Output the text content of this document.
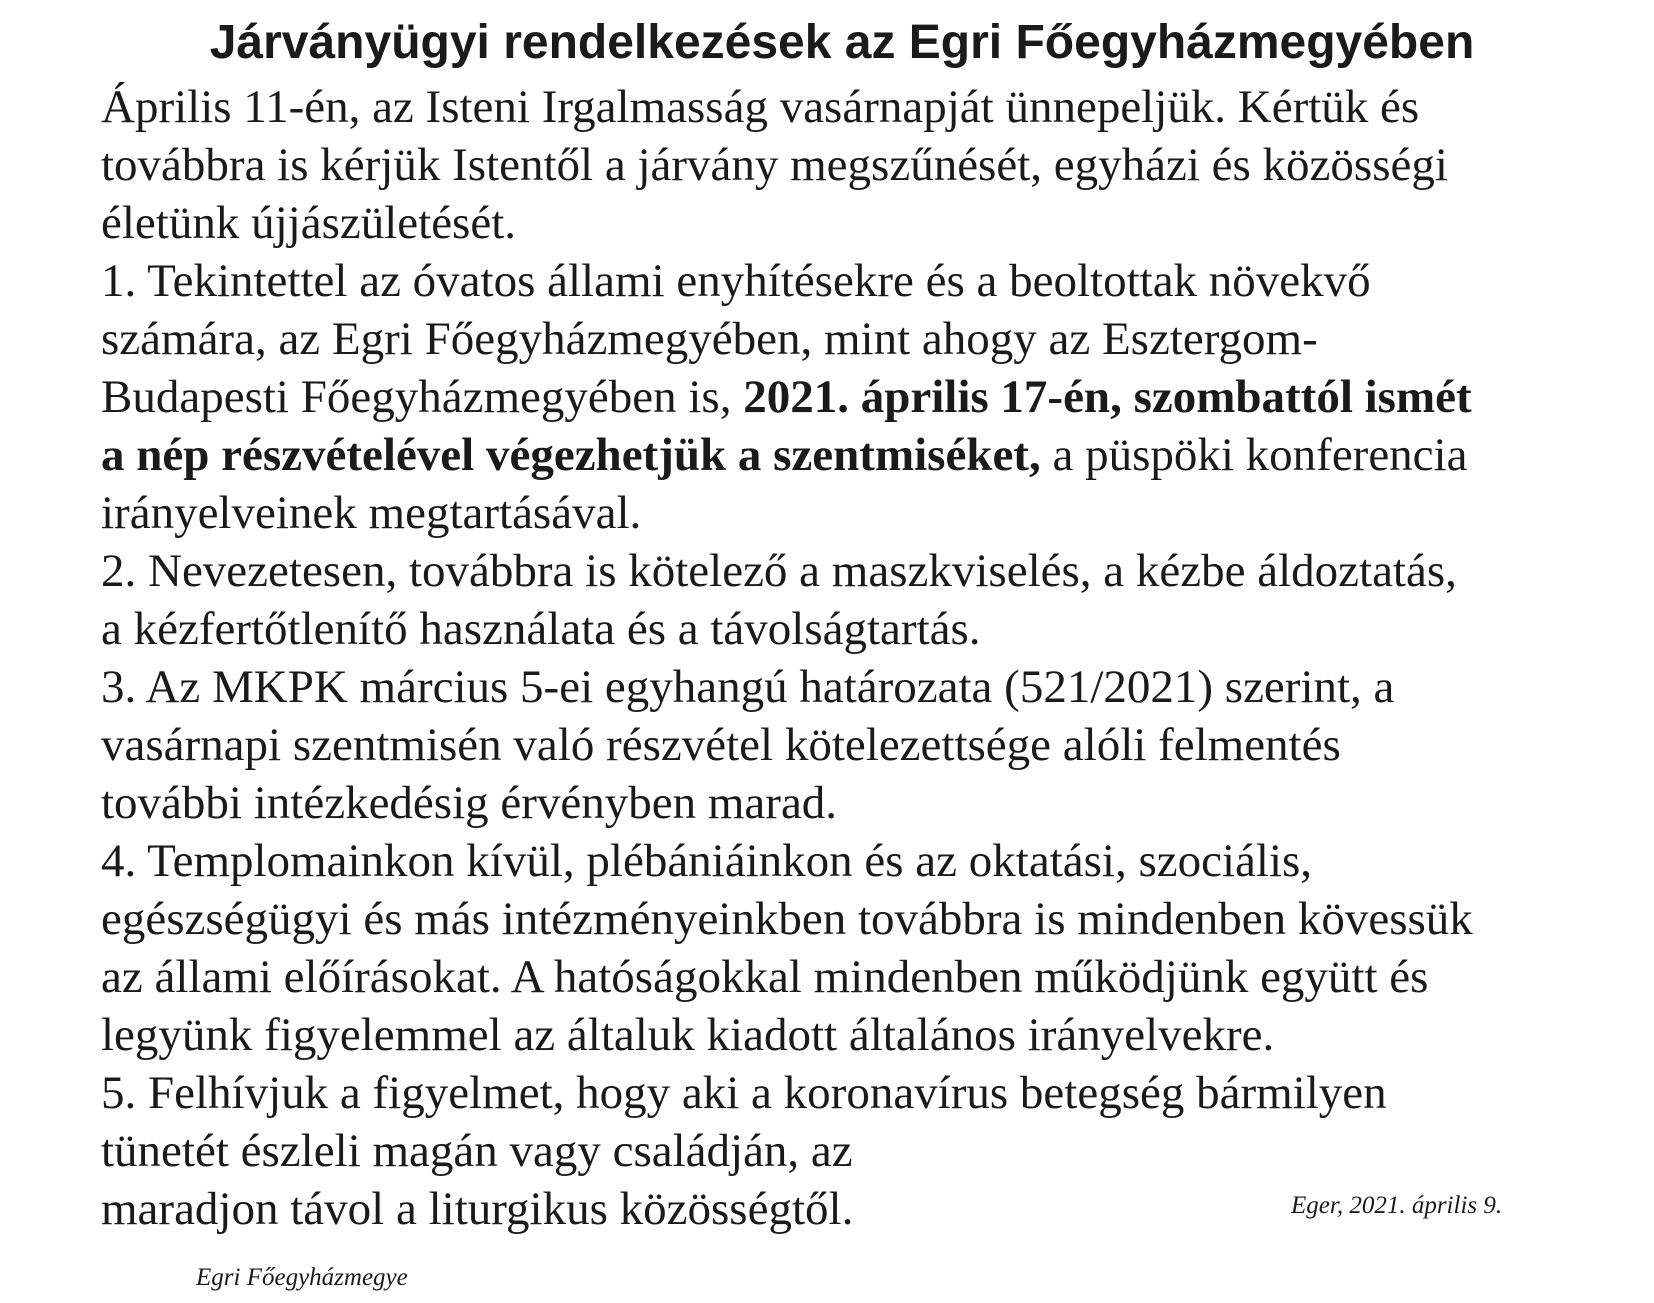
Járványügyi rendelkezések az Egri Főegyházmegyében
Április 11-én, az Isteni Irgalmasság vasárnapját ünnepeljük. Kértük és
továbbra is kérjük Istentől a járvány megszűnését, egyházi és közösségi
életünk újjászületését.
1. Tekintettel az óvatos állami enyhítésekre és a beoltottak növekvő
számára, az Egri Főegyházmegyében, mint ahogy az Esztergom-
Budapesti Főegyházmegyében is, 2021. április 17-én, szombattól ismét
a nép részvételével végezhetjük a szentmiséket, a püspöki konferencia
irányelveinek megtartásával.
2. Nevezetesen, továbbra is kötelező a maszkviselés, a kézbe áldoztatás,
a kézfertőtlenítő használata és a távolságtartás.
3. Az MKPK március 5-ei egyhangú határozata (521/2021) szerint, a
vasárnapi szentmisén való részvétel kötelezettsége alóli felmentés
további intézkedésig érvényben marad.
4. Templomainkon kívül, plébániáinkon és az oktatási, szociális,
egészségügyi és más intézményeinkben továbbra is mindenben kövessük
az állami előírásokat. A hatóságokkal mindenben működjünk együtt és
legyünk figyelemmel az általuk kiadott általános irányelvekre.
5. Felhívjuk a figyelmet, hogy aki a koronavírus betegség bármilyen
tünetét észleli magán vagy családján, az
maradjon távol a liturgikus közösségtől.	Eger, 2021. április 9.
Egri Főegyházmegye
